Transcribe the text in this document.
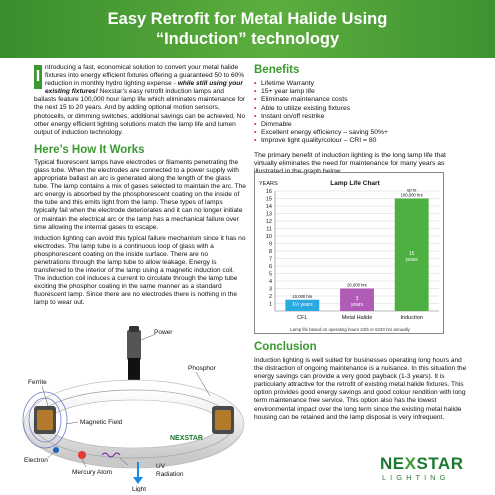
Easy Retrofit for Metal Halide Using
“Induction” technology

I
ntroducing a fast, economical solution to convert your metal halide fixtures into energy efficient fixtures offering a guaranteed 50 to 60% reduction in monthly hydro lighting expense - while still using your existing fixtures! Nexstar’s easy retrofit induction lamps and ballasts feature 100,000 hour lamp life which eliminates maintenance for the next 15 to 20 years. And by adding optional motion sensors, photocells, or dimming switches, additional savings can be achieved. No other energy efficient lighting solutions match the lamp life and lumen output of induction technology.

Here’s How It Works

Typical fluorescent lamps have electrodes or filaments penetrating the glass tube. When the electrodes are connected to a power supply with appropriate ballast an arc is generated along the length of the glass tube. The lamp contains a mix of gases selected to maintain the arc. The arc energy is absorbed by the phosphorescent coating on the inside of the tube and this emits light from the lamp. These types of lamps typically fail when the electrode deteriorates and it can no longer initiate or maintain the electrical arc or the lamp has a mechanical failure over time allowing the internal gases to escape.

Induction lighting can avoid this typical failure mechanism since it has no electrodes. The lamp tube is a continuous loop of glass with a phosphorescent coating on the inside surface. There are no penetrations through the lamp tube to allow leakage. Energy is transferred to the interior of the lamp using a magnetic induction coil. The induction coil induces a current to circulate through the lamp tube exciting the phosphor coating in the same manner as a standard fluorescent lamp. Since there are no electrodes there is nothing in the lamp to wear out.

Benefits
• Lifetime Warranty
• 15+ year lamp life
• Eliminate maintenance costs
• Able to utilize existing fixtures
• Instant on/off restrike
• Dimmable
• Excellent energy efficiency – saving 50%+
• Improve light quality/colour – CRI = 80

The primary benefit of induction lighting is the long lamp life that virtually eliminates the need for maintenance for many years as illustrated in the graph below.

Lamp Life Chart
YEARS
1
2
3
4
5
6
7
8
9
10
11
12
13
14
15
16
10,000 hrs
1½ years
20,000 hrs
3 years
up to 100,000 hrs
15 years
CFL	Metal Halide	Induction
Lamp life based on operating hours 24/5 or 6240 hrs annually
NEXSTAR
Power
Ferrite
Phosphor
Magnetic Field
Electron
Mercury Atom
UV Radiation
Light
Conclusion

Induction lighting is well suited for businesses operating long hours and the distraction of ongoing maintenance is a nuisance. In this situation the energy savings can provide a very good payback (1-3 years). It is particularly attractive for the retrofit of existing metal halide fixtures. This option provides good energy savings and good colour rendition with long term maintenance free service. This option also has the lowest environmental impact over the long term since the existing metal halide housing can be retained and the lamp disposal is very infrequent.

NEXSTAR
LIGHTING
